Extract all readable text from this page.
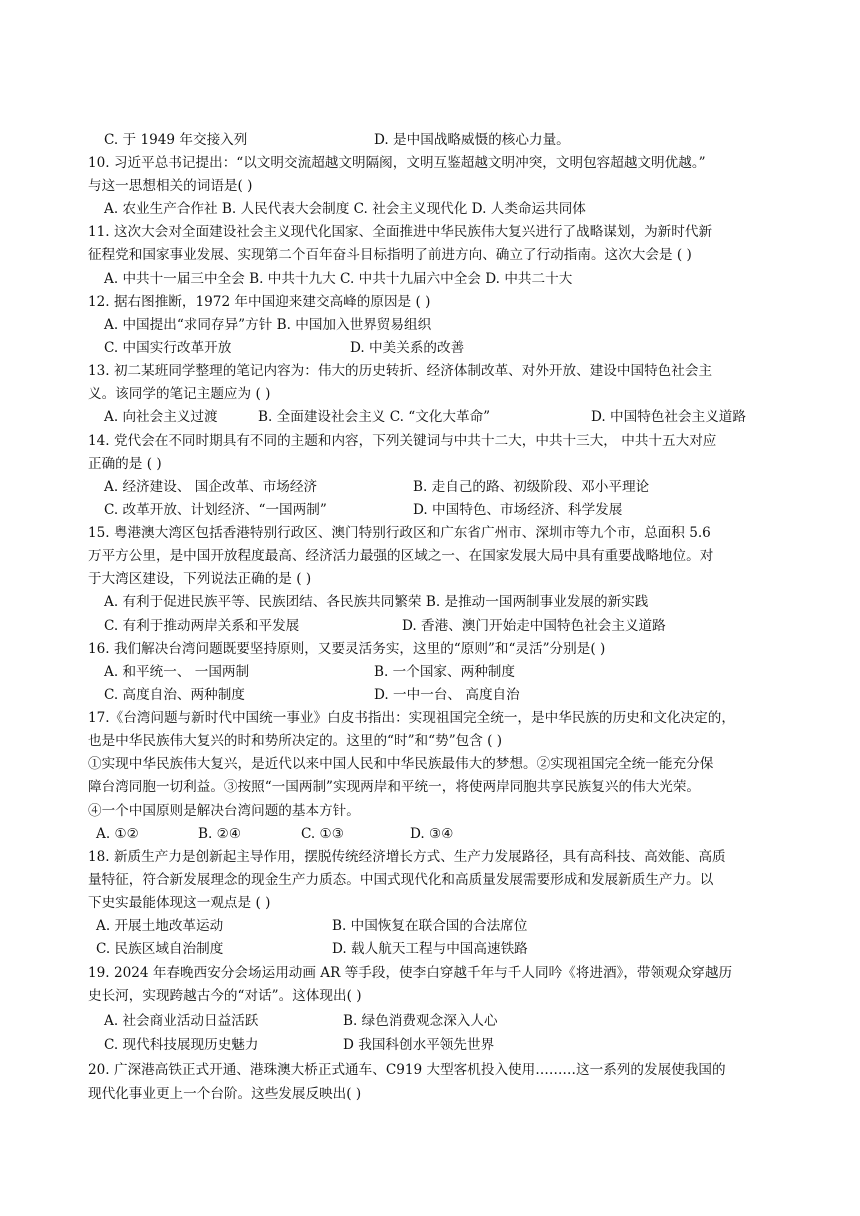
C. 于 1949 年交接入列	D. 是中国战略威慑的核心力量。
10. 习近平总书记提出：“以文明交流超越文明隔阂，文明互鉴超越文明冲突，文明包容超越文明优越。”
与这一思想相关的词语是( )
A. 农业生产合作社 B. 人民代表大会制度 C. 社会主义现代化 D. 人类命运共同体
11. 这次大会对全面建设社会主义现代化国家、全面推进中华民族伟大复兴进行了战略谋划，为新时代新
征程党和国家事业发展、实现第二个百年奋斗目标指明了前进方向、确立了行动指南。这次大会是 ( )
A. 中共十一届三中全会 B. 中共十九大 C. 中共十九届六中全会 D. 中共二十大
12. 据右图推断，1972 年中国迎来建交高峰的原因是 ( )
A. 中国提出“求同存异”方针 B. 中国加入世界贸易组织
C. 中国实行改革开放	D. 中美关系的改善
13. 初二某班同学整理的笔记内容为：伟大的历史转折、经济体制改革、对外开放、建设中国特色社会主
义。该同学的笔记主题应为 ( )
A. 向社会主义过渡	B. 全面建设社会主义 C. “文化大革命”	D. 中国特色社会主义道路
14. 党代会在不同时期具有不同的主题和内容，下列关键词与中共十二大，中共十三大， 中共十五大对应
正确的是 ( )
A. 经济建设、 国企改革、市场经济	B. 走自己的路、初级阶段、邓小平理论
C. 改革开放、计划经济、“一国两制”	D. 中国特色、市场经济、科学发展
15. 粤港澳大湾区包括香港特别行政区、澳门特别行政区和广东省广州市、深圳市等九个市，总面积 5.6
万平方公里，是中国开放程度最高、经济活力最强的区域之一、在国家发展大局中具有重要战略地位。对
于大湾区建设，下列说法正确的是 ( )
A. 有利于促进民族平等、民族团结、各民族共同繁荣 B. 是推动一国两制事业发展的新实践
C. 有利于推动两岸关系和平发展	D. 香港、澳门开始走中国特色社会主义道路
16. 我们解决台湾问题既要坚持原则，又要灵活务实，这里的“原则”和“灵活”分别是( )
A. 和平统一、 一国两制	B. 一个国家、两种制度
C. 高度自治、两种制度	D. 一中一台、 高度自治
17.《台湾问题与新时代中国统一事业》白皮书指出：实现祖国完全统一，是中华民族的历史和文化决定的，
也是中华民族伟大复兴的时和势所决定的。这里的“时”和“势”包含 ( )
①实现中华民族伟大复兴，是近代以来中国人民和中华民族最伟大的梦想。②实现祖国完全统一能充分保
障台湾同胞一切利益。③按照“一国两制”实现两岸和平统一，将使两岸同胞共享民族复兴的伟大光荣。
④一个中国原则是解决台湾问题的基本方针。
A. ①②	B. ②④	C. ①③	D. ③④
18. 新质生产力是创新起主导作用，摆脱传统经济增长方式、生产力发展路径，具有高科技、高效能、高质
量特征，符合新发展理念的现金生产力质态。中国式现代化和高质量发展需要形成和发展新质生产力。以
下史实最能体现这一观点是 ( )
A. 开展土地改革运动	B. 中国恢复在联合国的合法席位
C. 民族区域自治制度	D. 载人航天工程与中国高速铁路
19. 2024 年春晚西安分会场运用动画 AR 等手段，使李白穿越千年与千人同吟《将进酒》，带领观众穿越历
史长河，实现跨越古今的“对话”。这体现出( )
A. 社会商业活动日益活跃	B. 绿色消费观念深入人心
C. 现代科技展现历史魅力	D 我国科创水平领先世界
20. 广深港高铁正式开通、港珠澳大桥正式通车、C919 大型客机投入使用………这一系列的发展使我国的
现代化事业更上一个台阶。这些发展反映出( )
